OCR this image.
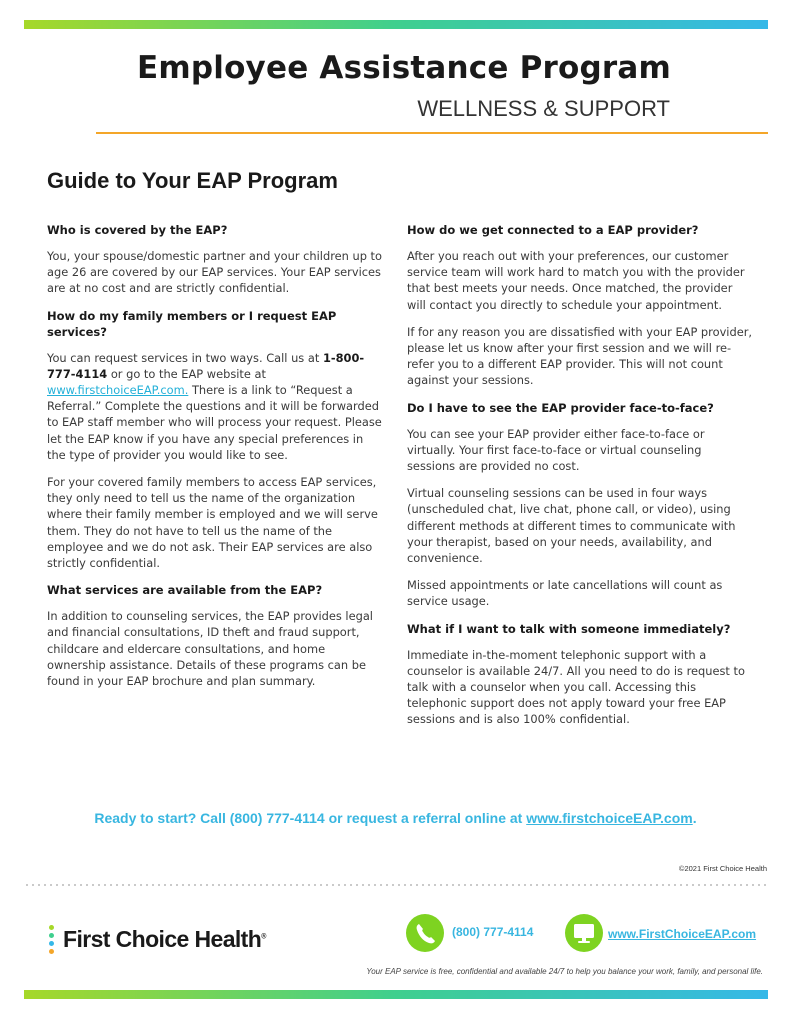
Employee Assistance Program
WELLNESS & SUPPORT
Guide to Your EAP Program
Who is covered by the EAP?
You, your spouse/domestic partner and your children up to age 26 are covered by our EAP services. Your EAP services are at no cost and are strictly confidential.
How do my family members or I request EAP services?
You can request services in two ways. Call us at 1-800-777-4114 or go to the EAP website at www.firstchoiceEAP.com. There is a link to “Request a Referral.” Complete the questions and it will be forwarded to EAP staff member who will process your request. Please let the EAP know if you have any special preferences in the type of provider you would like to see.
For your covered family members to access EAP services, they only need to tell us the name of the organization where their family member is employed and we will serve them. They do not have to tell us the name of the employee and we do not ask. Their EAP services are also strictly confidential.
What services are available from the EAP?
In addition to counseling services, the EAP provides legal and financial consultations, ID theft and fraud support, childcare and eldercare consultations, and home ownership assistance. Details of these programs can be found in your EAP brochure and plan summary.
How do we get connected to a EAP provider?
After you reach out with your preferences, our customer service team will work hard to match you with the provider that best meets your needs. Once matched, the provider will contact you directly to schedule your appointment.
If for any reason you are dissatisfied with your EAP provider, please let us know after your first session and we will re-refer you to a different EAP provider. This will not count against your sessions.
Do I have to see the EAP provider face-to-face?
You can see your EAP provider either face-to-face or virtually. Your first face-to-face or virtual counseling sessions are provided no cost.
Virtual counseling sessions can be used in four ways (unscheduled chat, live chat, phone call, or video), using different methods at different times to communicate with your therapist, based on your needs, availability, and convenience.
Missed appointments or late cancellations will count as service usage.
What if I want to talk with someone immediately?
Immediate in-the-moment telephonic support with a counselor is available 24/7. All you need to do is request to talk with a counselor when you call. Accessing this telephonic support does not apply toward your free EAP sessions and is also 100% confidential.
Ready to start? Call (800) 777-4114 or request a referral online at www.firstchoiceEAP.com.
©2021 First Choice Health
First Choice Health®	(800) 777-4114	www.FirstChoiceEAP.com
Your EAP service is free, confidential and available 24/7 to help you balance your work, family, and personal life.
